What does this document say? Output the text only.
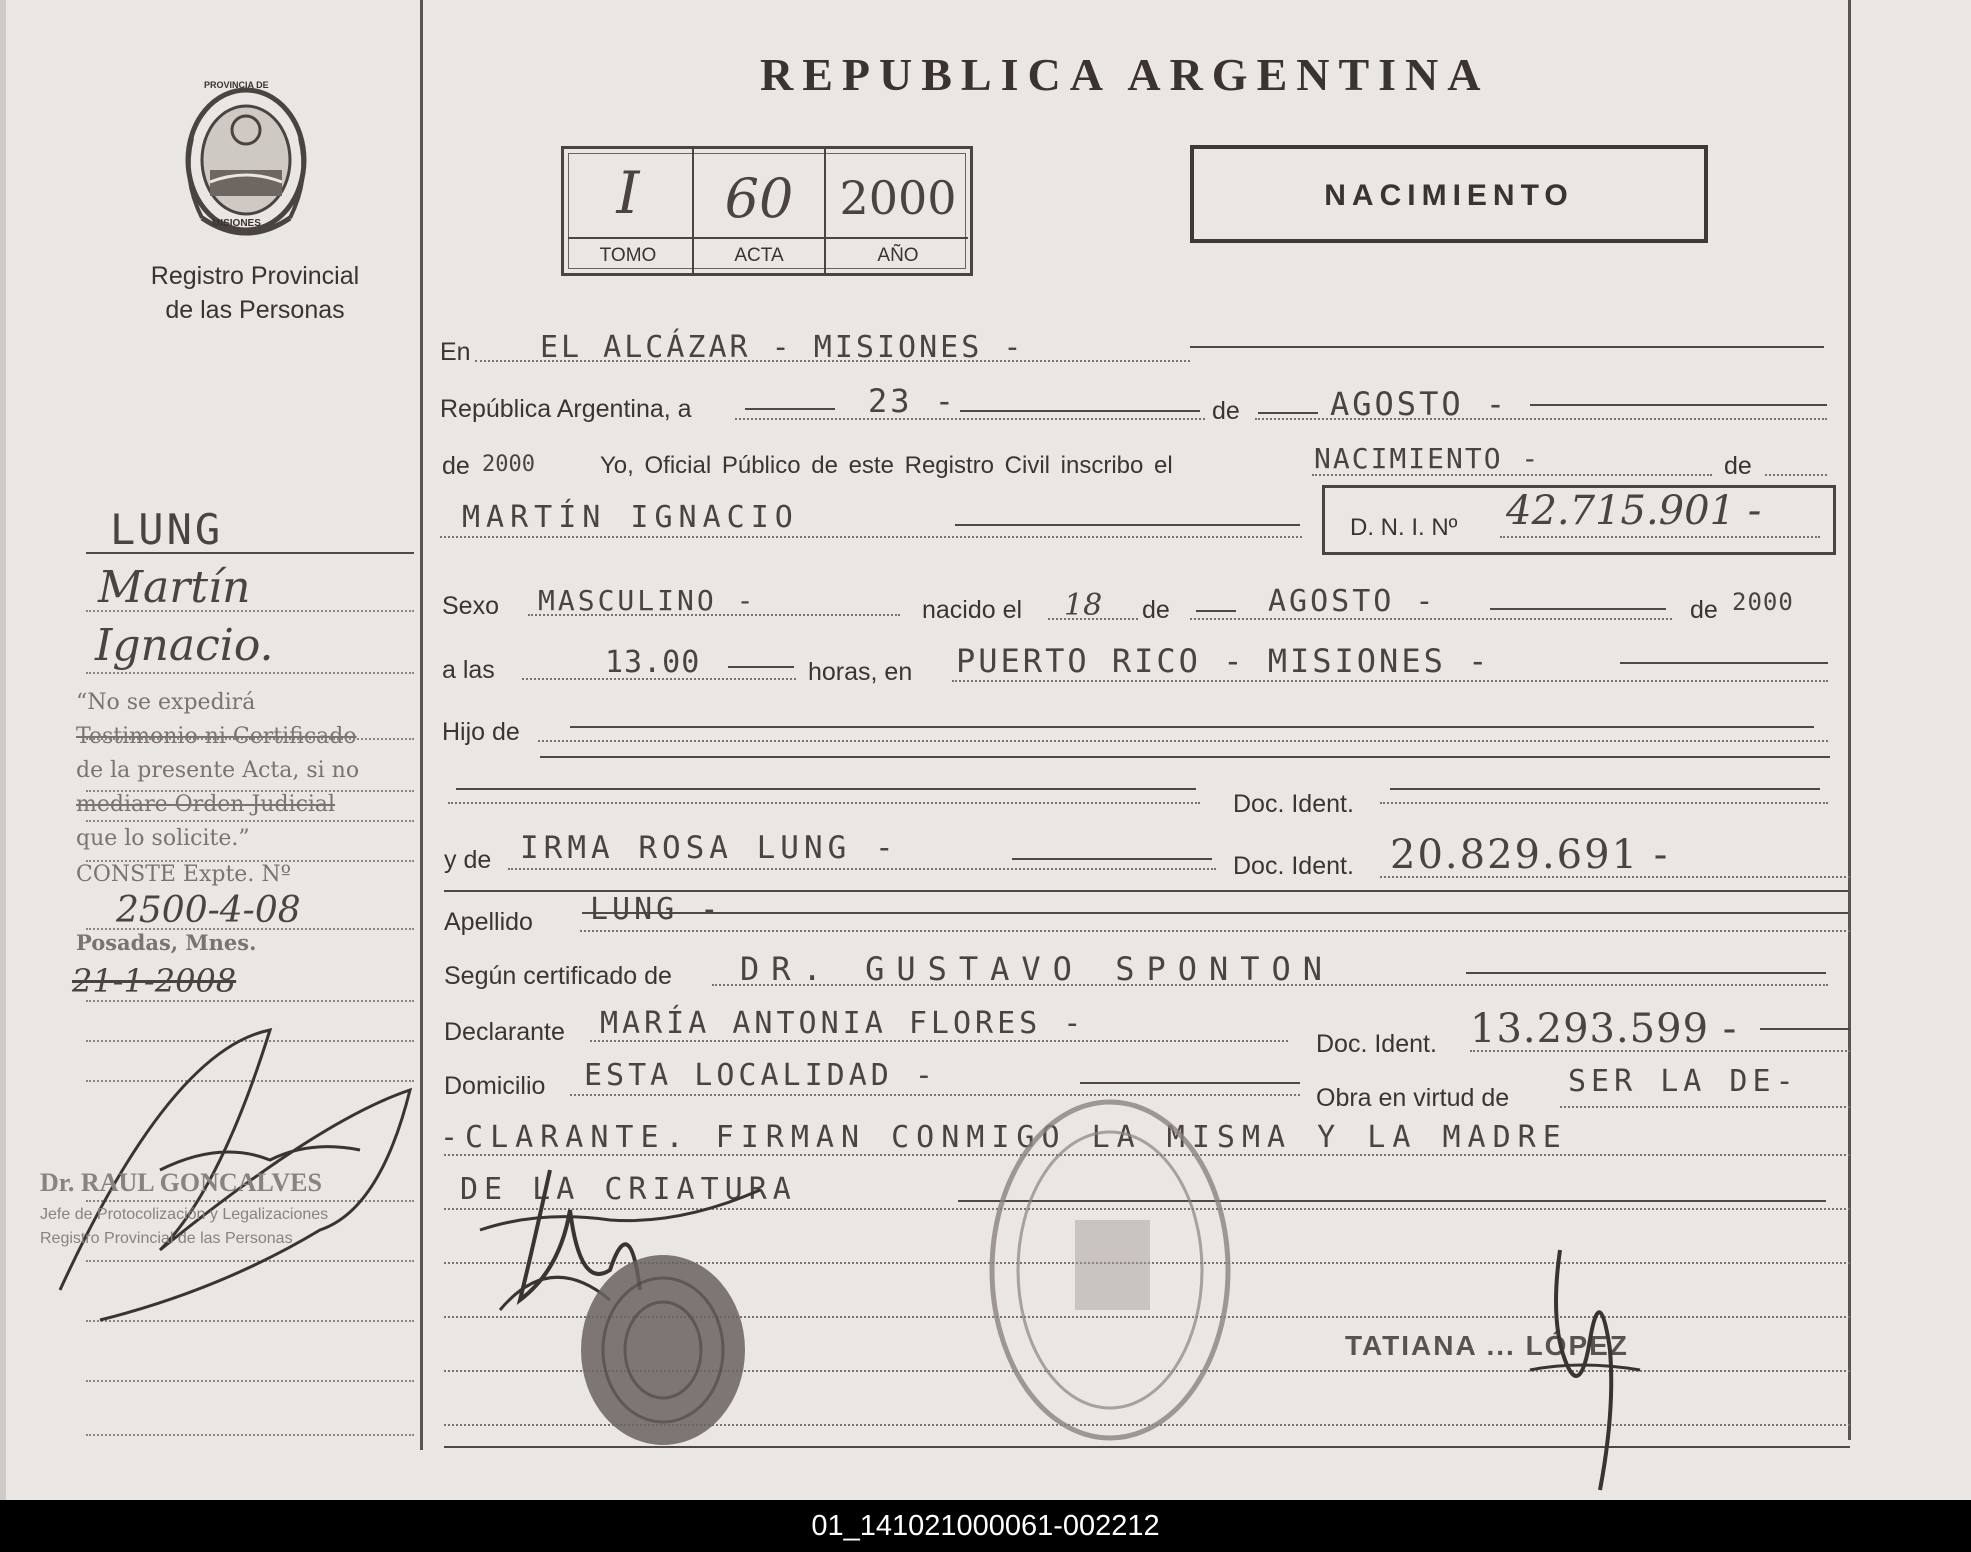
PROVINCIA DE
MISIONES
Registro Provincial
de las Personas
REPUBLICA ARGENTINA
I	60	2000
TOMO	ACTA	AÑO
NACIMIENTO
En EL ALCÁZAR - MISIONES -
República Argentina, a	23 -	de	AGOSTO -
de 2000	Yo, Oficial Público de este Registro Civil inscribo el	NACIMIENTO -	de
MARTÍN IGNACIO	D. N. I. Nº 42.715.901 -
Sexo MASCULINO -	nacido el 18 de	AGOSTO -	de 2000
a las	13.00	horas, en PUERTO RICO - MISIONES -
Hijo de
Doc. Ident.
y de IRMA ROSA LUNG -	Doc. Ident. 20.829.691 -
Apellido LUNG -
Según certificado de DR. GUSTAVO SPONTON
Declarante MARÍA ANTONIA FLORES -
Doc. Ident. 13.293.599 -
Domicilio ESTA LOCALIDAD -
Obra en virtud de SER LA DE-
-CLARANTE. FIRMAN CONMIGO LA MISMA Y LA MADRE
DE LA CRIATURA
TATIANA ... LÓPEZ
LUNG
Martín
Ignacio.
“No se expedirá
Testimonio ni Certificado
de la presente Acta, si no
mediare Orden Judicial
que lo solicite.”
CONSTE Expte. Nº
2500-4-08
Posadas, Mnes.
21-1-2008
Dr. RAUL GONCALVES
Jefe de Protocolización y Legalizaciones
Registro Provincial de las Personas
01_141021000061-002212
